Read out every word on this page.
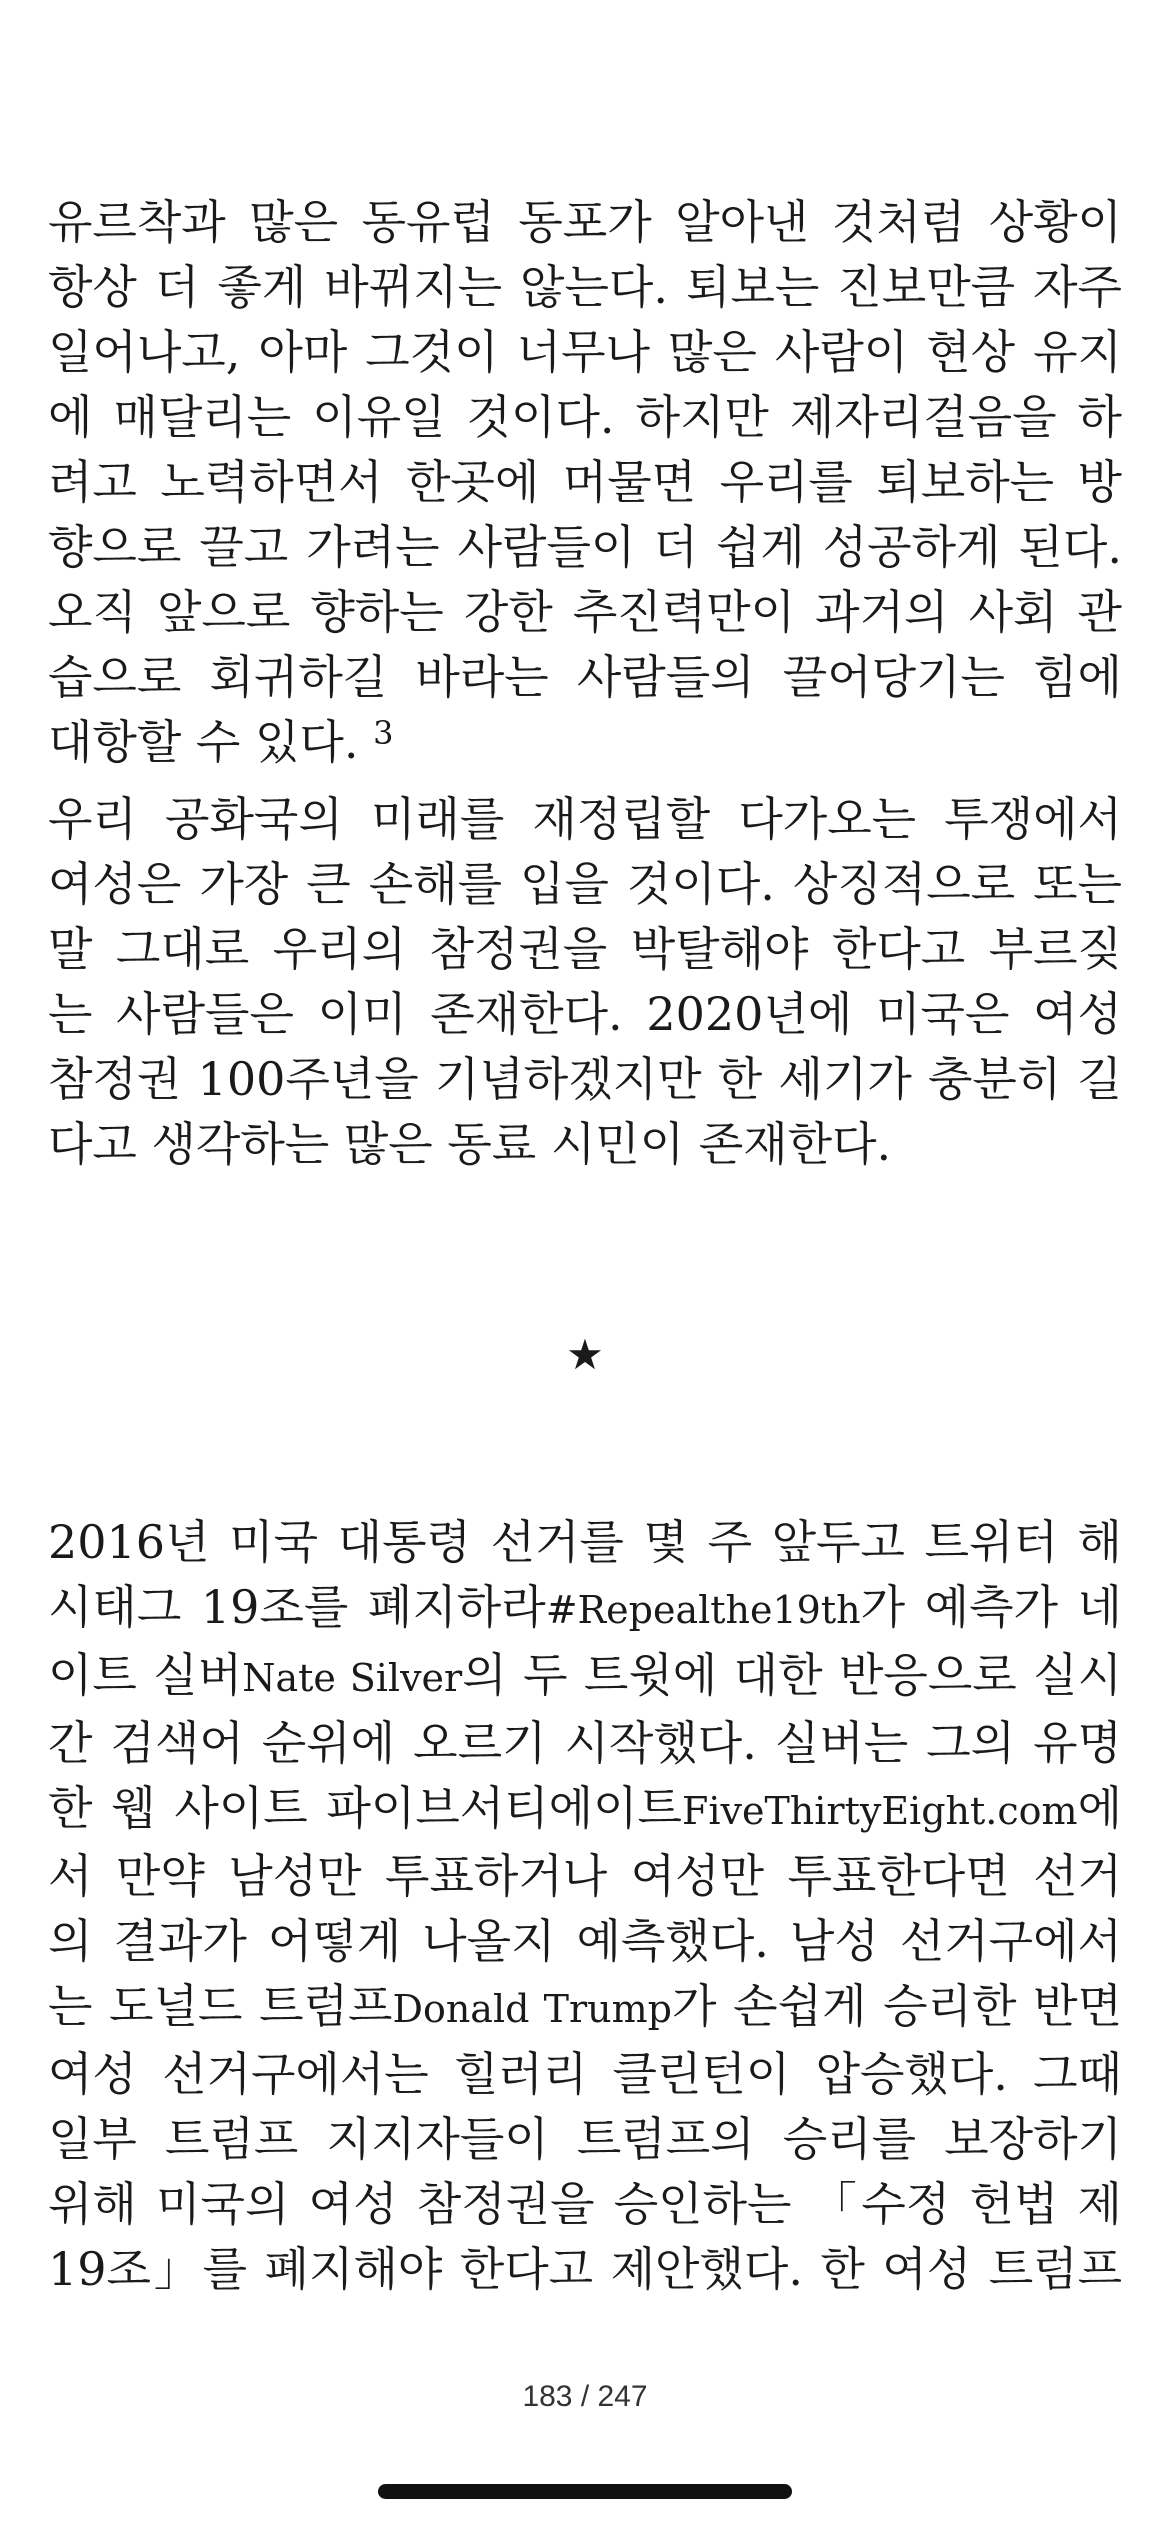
유르착과 많은 동유럽 동포가 알아낸 것처럼 상황이
항상 더 좋게 바뀌지는 않는다. 퇴보는 진보만큼 자주
일어나고, 아마 그것이 너무나 많은 사람이 현상 유지
에 매달리는 이유일 것이다. 하지만 제자리걸음을 하
려고 노력하면서 한곳에 머물면 우리를 퇴보하는 방
향으로 끌고 가려는 사람들이 더 쉽게 성공하게 된다.
오직 앞으로 향하는 강한 추진력만이 과거의 사회 관
습으로 회귀하길 바라는 사람들의 끌어당기는 힘에
대항할 수 있다. $^3$

우리 공화국의 미래를 재정립할 다가오는 투쟁에서
여성은 가장 큰 손해를 입을 것이다. 상징적으로 또는
말 그대로 우리의 참정권을 박탈해야 한다고 부르짖
는 사람들은 이미 존재한다. 2020년에 미국은 여성
참정권 100주년을 기념하겠지만 한 세기가 충분히 길
다고 생각하는 많은 동료 시민이 존재한다.

★

2016년 미국 대통령 선거를 몇 주 앞두고 트위터 해
시태그 19조를 폐지하라#Repealthe19th가 예측가 네
이트 실버Nate Silver의 두 트윗에 대한 반응으로 실시
간 검색어 순위에 오르기 시작했다. 실버는 그의 유명
한 웹 사이트 파이브서티에이트FiveThirtyEight.com에
서 만약 남성만 투표하거나 여성만 투표한다면 선거
의 결과가 어떻게 나올지 예측했다. 남성 선거구에서
는 도널드 트럼프Donald Trump가 손쉽게 승리한 반면
여성 선거구에서는 힐러리 클린턴이 압승했다. 그때
일부 트럼프 지지자들이 트럼프의 승리를 보장하기
위해 미국의 여성 참정권을 승인하는 「수정 헌법 제
19조」를 폐지해야 한다고 제안했다. 한 여성 트럼프

183 / 247
